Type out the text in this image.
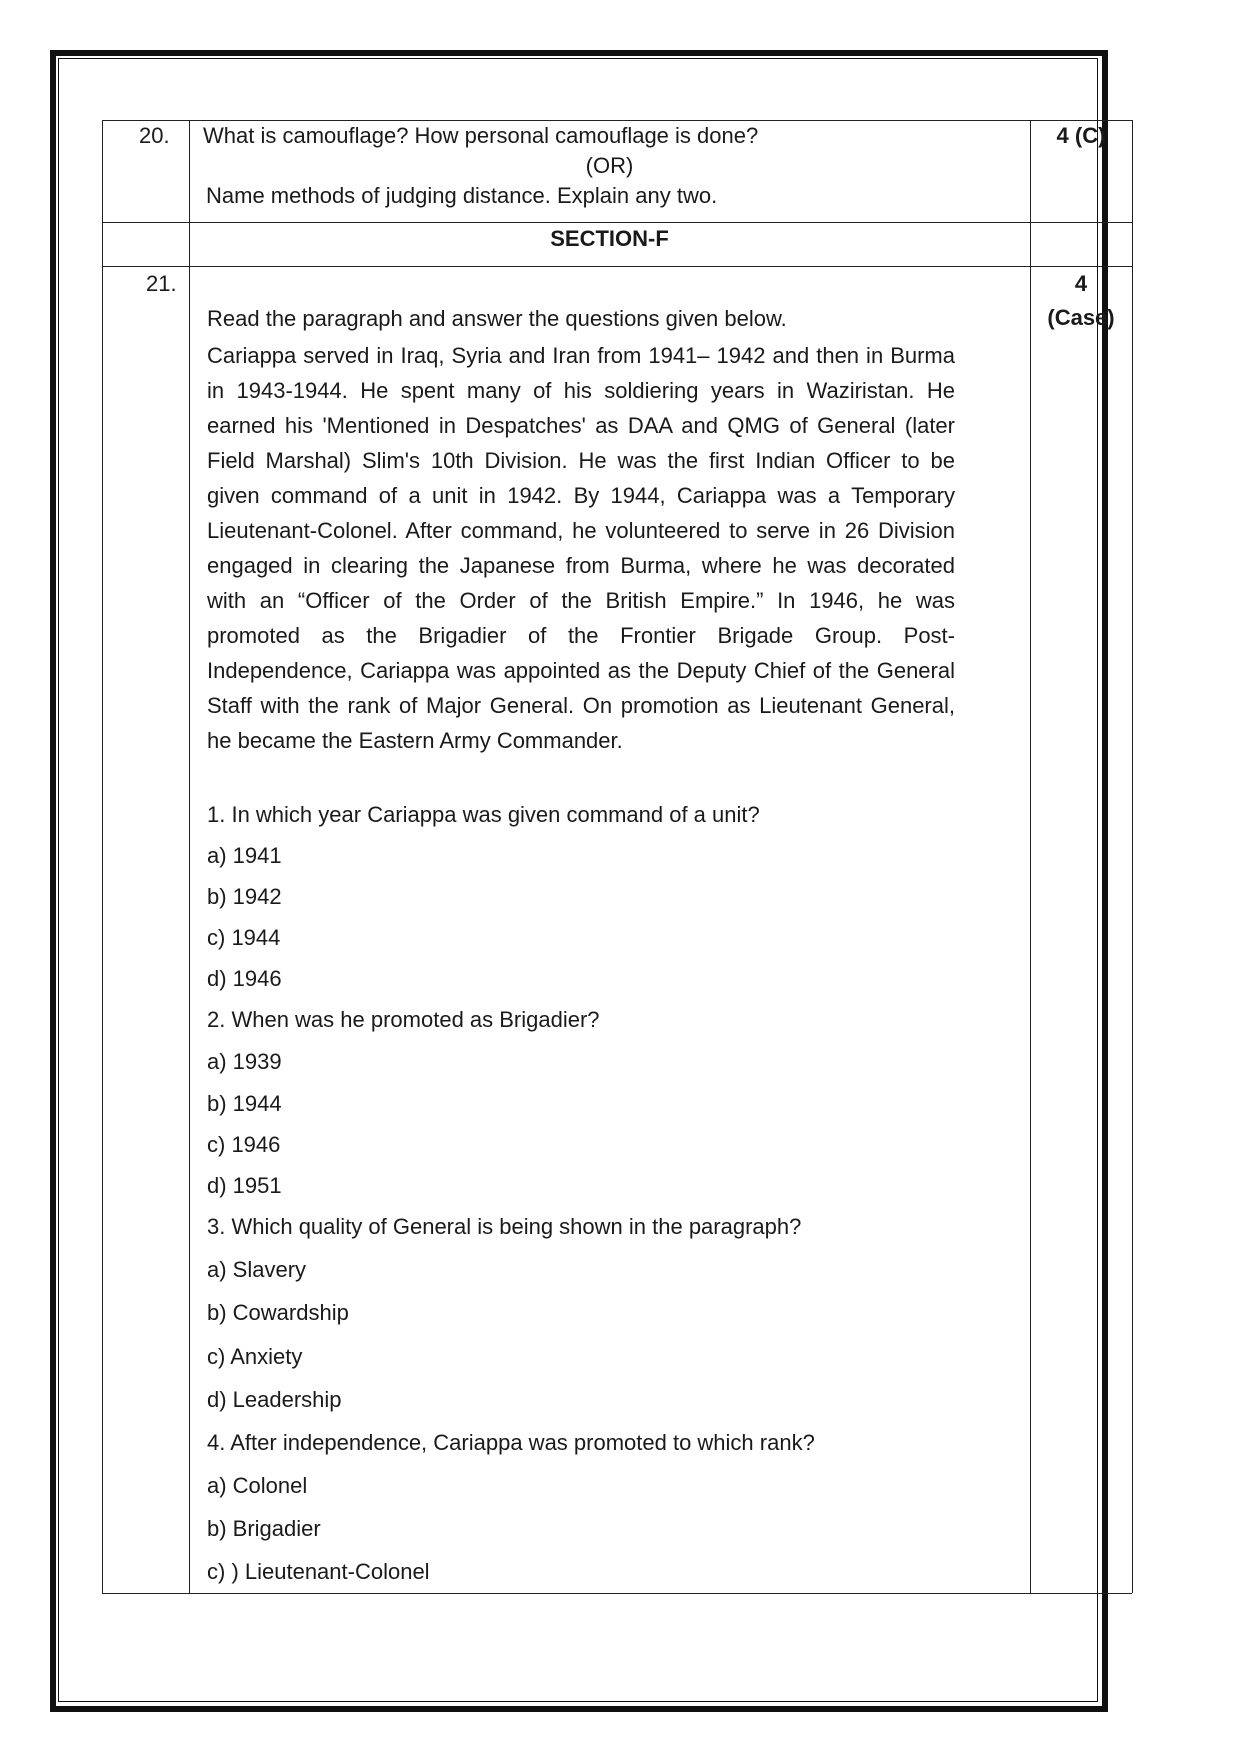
20. What is camouflage? How personal camouflage is done?
(OR)
Name methods of judging distance. Explain any two.
4 (C)
SECTION-F
21.	4
(Case)
Read the paragraph and answer the questions given below.
Cariappa served in Iraq, Syria and Iran from 1941– 1942 and then in Burma in 1943-1944. He spent many of his soldiering years in Waziristan. He earned his 'Mentioned in Despatches' as DAA and QMG of General (later Field Marshal) Slim's 10th Division. He was the first Indian Officer to be given command of a unit in 1942. By 1944, Cariappa was a Temporary Lieutenant-Colonel. After command, he volunteered to serve in 26 Division engaged in clearing the Japanese from Burma, where he was decorated with an “Officer of the Order of the British Empire.” In 1946, he was promoted as the Brigadier of the Frontier Brigade Group. Post-Independence, Cariappa was appointed as the Deputy Chief of the General Staff with the rank of Major General. On promotion as Lieutenant General, he became the Eastern Army Commander.
1. In which year Cariappa was given command of a unit?
a) 1941
b) 1942
c) 1944
d) 1946
2. When was he promoted as Brigadier?
a) 1939
b) 1944
c) 1946
d) 1951
3. Which quality of General is being shown in the paragraph?
a) Slavery
b) Cowardship
c) Anxiety
d) Leadership
4. After independence, Cariappa was promoted to which rank?
a) Colonel
b) Brigadier
c) ) Lieutenant-Colonel
